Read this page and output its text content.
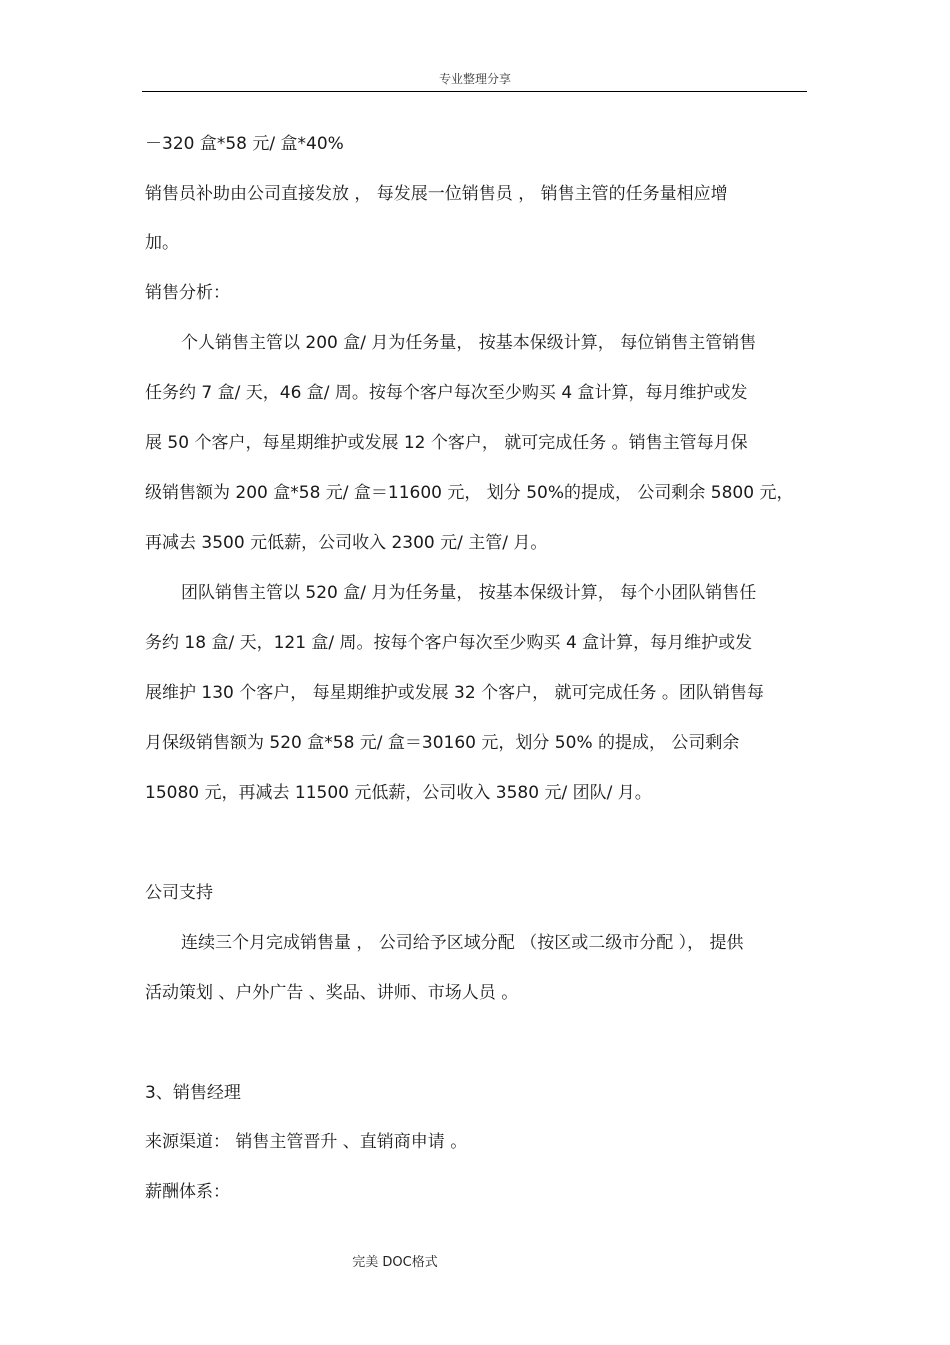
专业整理分享
－320 盒*58 元/ 盒*40%
销售员补助由公司直接发放 ， 每发展一位销售员 ， 销售主管的任务量相应增
加。
销售分析：
个人销售主管以 200 盒/ 月为任务量， 按基本保级计算， 每位销售主管销售
任务约 7 盒/ 天，46 盒/ 周。按每个客户每次至少购买 4 盒计算，每月维护或发
展 50 个客户，每星期维护或发展 12 个客户， 就可完成任务 。销售主管每月保
级销售额为 200 盒*58 元/ 盒＝11600 元， 划分 50%的提成， 公司剩余 5800 元，
再减去 3500 元低薪，公司收入 2300 元/ 主管/ 月。
团队销售主管以 520 盒/ 月为任务量， 按基本保级计算， 每个小团队销售任
务约 18 盒/ 天，121 盒/ 周。按每个客户每次至少购买 4 盒计算，每月维护或发
展维护 130 个客户， 每星期维护或发展 32 个客户， 就可完成任务 。团队销售每
月保级销售额为 520 盒*58 元/ 盒＝30160 元，划分 50% 的提成， 公司剩余
15080 元，再减去 11500 元低薪，公司收入 3580 元/ 团队/ 月。
公司支持
连续三个月完成销售量 ， 公司给予区域分配 （按区或二级市分配 ）， 提供
活动策划 、户外广告 、奖品、讲师、市场人员 。
3、销售经理
来源渠道： 销售主管晋升 、直销商申请 。
薪酬体系：
完美 DOC格式
